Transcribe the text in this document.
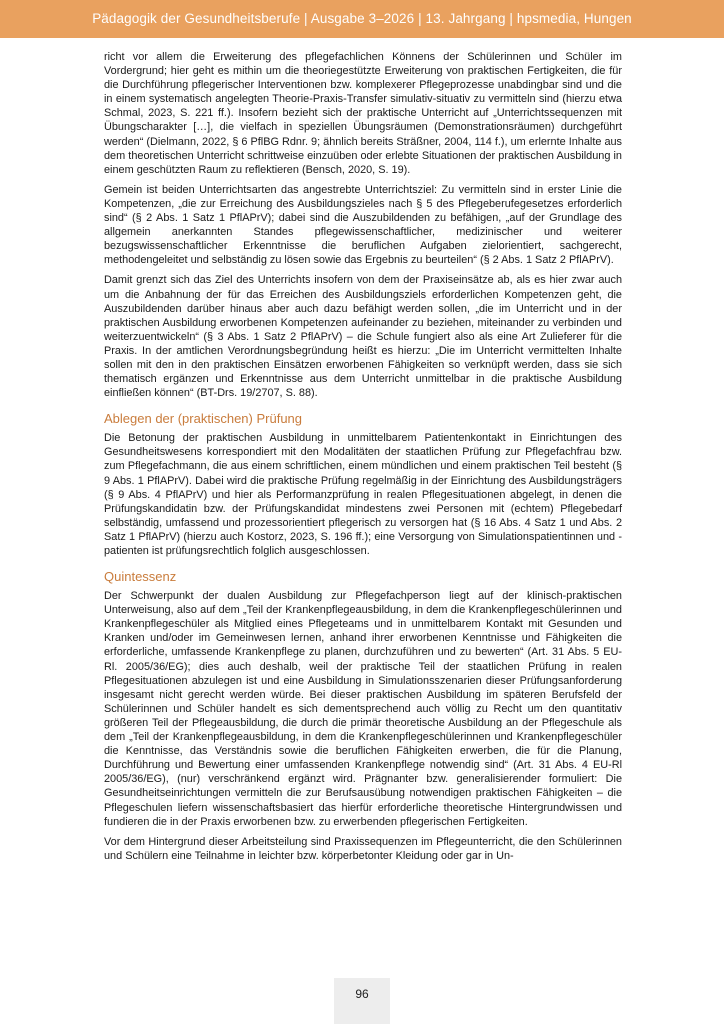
Pädagogik der Gesundheitsberufe | Ausgabe 3–2026 | 13. Jahrgang | hpsmedia, Hungen

richt vor allem die Erweiterung des pflegefachlichen Könnens der Schülerinnen und Schüler im Vordergrund; hier geht es mithin um die theoriegestützte Erweiterung von praktischen Fertigkeiten, die für die Durchführung pflegerischer Interventionen bzw. komplexerer Pflegeprozesse unabdingbar sind und die in einem systematisch angelegten Theorie-Praxis-Transfer simulativ-situativ zu vermitteln sind (hierzu etwa Schmal, 2023, S. 221 ff.). Insofern bezieht sich der praktische Unterricht auf „Unterrichtssequenzen mit Übungscharakter […], die vielfach in speziellen Übungsräumen (Demonstrationsräumen) durchgeführt werden“ (Dielmann, 2022, § 6 PflBG Rdnr. 9; ähnlich bereits Sträßner, 2004, 114 f.), um erlernte Inhalte aus dem theoretischen Unterricht schrittweise einzuüben oder erlebte Situationen der praktischen Ausbildung in einem geschützten Raum zu reflektieren (Bensch, 2020, S. 19).

Gemein ist beiden Unterrichtsarten das angestrebte Unterrichtsziel: Zu vermitteln sind in erster Linie die Kompetenzen, „die zur Erreichung des Ausbildungszieles nach § 5 des Pflegeberufegesetzes erforderlich sind“ (§ 2 Abs. 1 Satz 1 PflAPrV); dabei sind die Auszubildenden zu befähigen, „auf der Grundlage des allgemein anerkannten Standes pflegewissenschaftlicher, medizinischer und weiterer bezugswissenschaftlicher Erkenntnisse die beruflichen Aufgaben zielorientiert, sachgerecht, methodengeleitet und selbständig zu lösen sowie das Ergebnis zu beurteilen“ (§ 2 Abs. 1 Satz 2 PflAPrV).

Damit grenzt sich das Ziel des Unterrichts insofern von dem der Praxiseinsätze ab, als es hier zwar auch um die Anbahnung der für das Erreichen des Ausbildungsziels erforderlichen Kompetenzen geht, die Auszubildenden darüber hinaus aber auch dazu befähigt werden sollen, „die im Unterricht und in der praktischen Ausbildung erworbenen Kompetenzen aufeinander zu beziehen, miteinander zu verbinden und weiterzuentwickeln“ (§ 3 Abs. 1 Satz 2 PflAPrV) – die Schule fungiert also als eine Art Zulieferer für die Praxis. In der amtlichen Verordnungsbegründung heißt es hierzu: „Die im Unterricht vermittelten Inhalte sollen mit den in den praktischen Einsätzen erworbenen Fähigkeiten so verknüpft werden, dass sie sich thematisch ergänzen und Erkenntnisse aus dem Unterricht unmittelbar in die praktische Ausbildung einfließen können“ (BT-Drs. 19/2707, S. 88).

Ablegen der (praktischen) Prüfung

Die Betonung der praktischen Ausbildung in unmittelbarem Patientenkontakt in Einrichtungen des Gesundheitswesens korrespondiert mit den Modalitäten der staatlichen Prüfung zur Pflegefachfrau bzw. zum Pflegefachmann, die aus einem schriftlichen, einem mündlichen und einem praktischen Teil besteht (§ 9 Abs. 1 PflAPrV). Dabei wird die praktische Prüfung regelmäßig in der Einrichtung des Ausbildungsträgers (§ 9 Abs. 4 PflAPrV) und hier als Performanzprüfung in realen Pflegesituationen abgelegt, in denen die Prüfungskandidatin bzw. der Prüfungskandidat mindestens zwei Personen mit (echtem) Pflegebedarf selbständig, umfassend und prozessorientiert pflegerisch zu versorgen hat (§ 16 Abs. 4 Satz 1 und Abs. 2 Satz 1 PflAPrV) (hierzu auch Kostorz, 2023, S. 196 ff.); eine Versorgung von Simulationspatientinnen und -patienten ist prüfungsrechtlich folglich ausgeschlossen.

Quintessenz

Der Schwerpunkt der dualen Ausbildung zur Pflegefachperson liegt auf der klinisch-praktischen Unterweisung, also auf dem „Teil der Krankenpflegeausbildung, in dem die Krankenpflegeschülerinnen und Krankenpflegeschüler als Mitglied eines Pflegeteams und in unmittelbarem Kontakt mit Gesunden und Kranken und/oder im Gemeinwesen lernen, anhand ihrer erworbenen Kenntnisse und Fähigkeiten die erforderliche, umfassende Krankenpflege zu planen, durchzuführen und zu bewerten“ (Art. 31 Abs. 5 EU-Rl. 2005/36/EG); dies auch deshalb, weil der praktische Teil der staatlichen Prüfung in realen Pflegesituationen abzulegen ist und eine Ausbildung in Simulationsszenarien dieser Prüfungsanforderung insgesamt nicht gerecht werden würde. Bei dieser praktischen Ausbildung im späteren Berufsfeld der Schülerinnen und Schüler handelt es sich dementsprechend auch völlig zu Recht um den quantitativ größeren Teil der Pflegeausbildung, die durch die primär theoretische Ausbildung an der Pflegeschule als dem „Teil der Krankenpflegeausbildung, in dem die Krankenpflegeschülerinnen und Krankenpflegeschüler die Kenntnisse, das Verständnis sowie die beruflichen Fähigkeiten erwerben, die für die Planung, Durchführung und Bewertung einer umfassenden Krankenpflege notwendig sind“ (Art. 31 Abs. 4 EU-Rl 2005/36/EG), (nur) verschränkend ergänzt wird. Prägnanter bzw. generalisierender formuliert: Die Gesundheitseinrichtungen vermitteln die zur Berufsausübung notwendigen praktischen Fähigkeiten – die Pflegeschulen liefern wissenschaftsbasiert das hierfür erforderliche theoretische Hintergrundwissen und fundieren die in der Praxis erworbenen bzw. zu erwerbenden pflegerischen Fertigkeiten.

Vor dem Hintergrund dieser Arbeitsteilung sind Praxissequenzen im Pflegeunterricht, die den Schülerinnen und Schülern eine Teilnahme in leichter bzw. körperbetonter Kleidung oder gar in Un-

96
